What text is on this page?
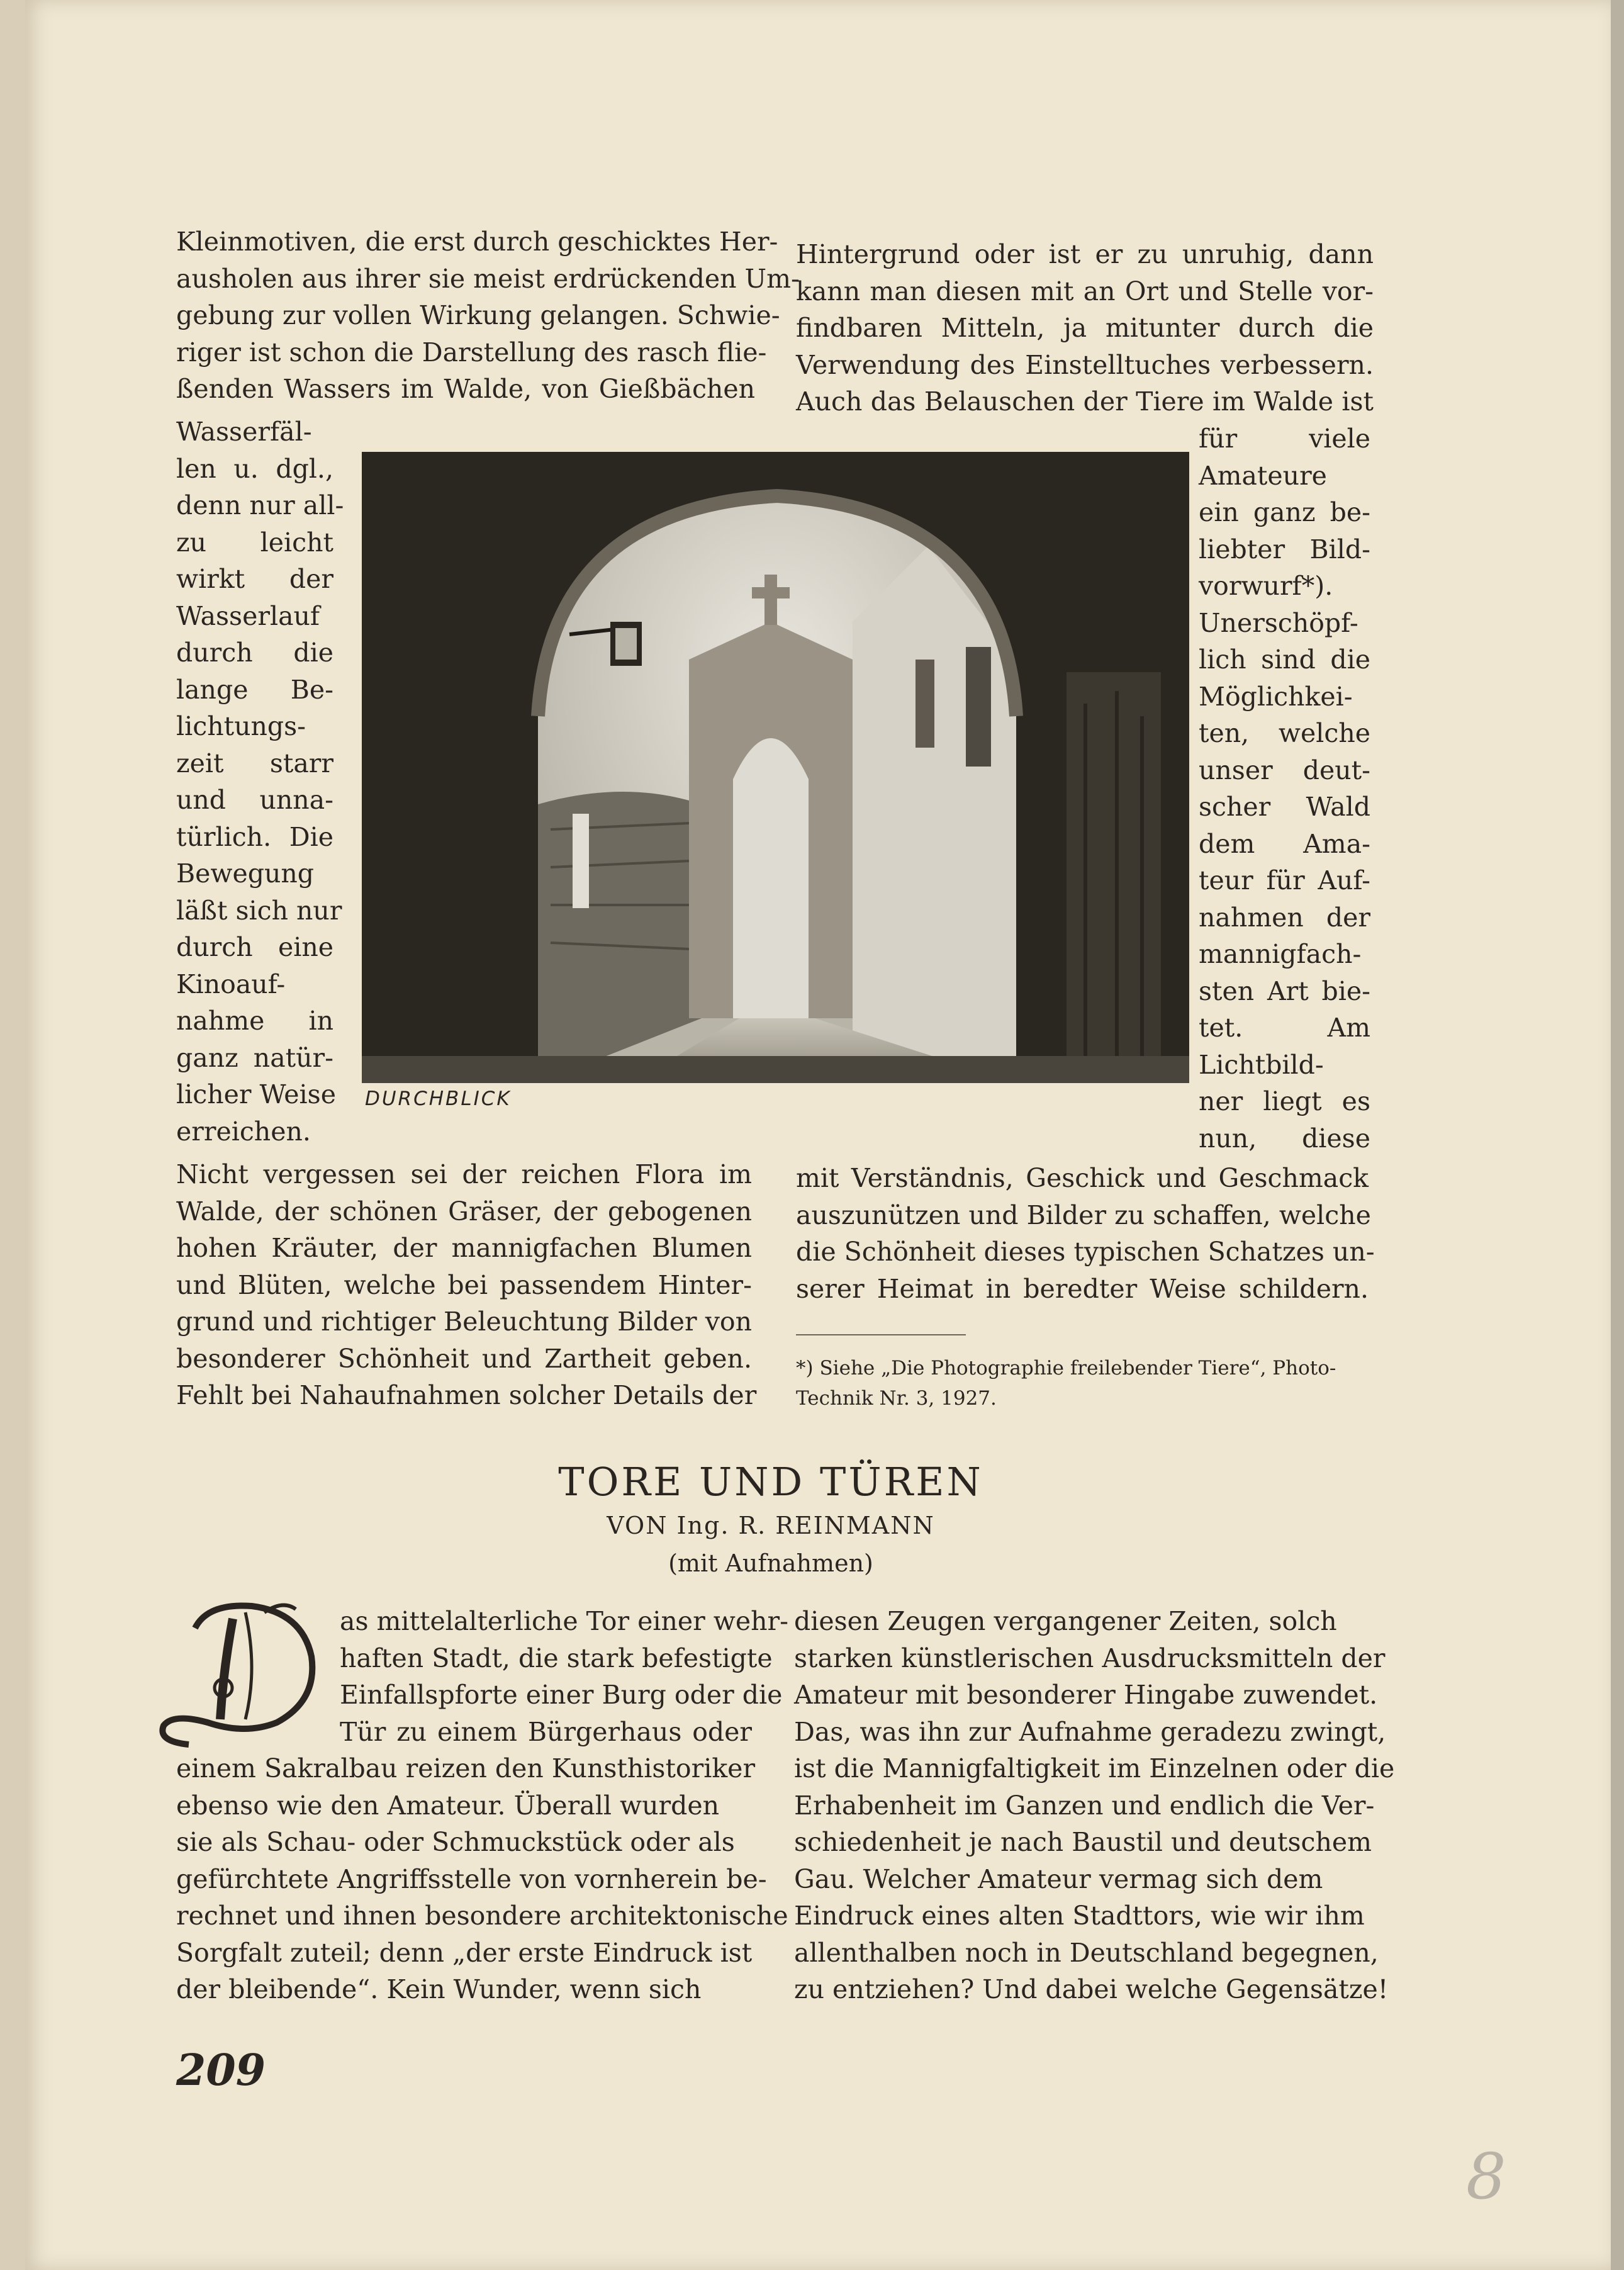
Kleinmotiven, die erst durch geschicktes Her-
ausholen aus ihrer sie meist erdrückenden Um-
gebung zur vollen Wirkung gelangen. Schwie-
riger ist schon die Darstellung des rasch flie-
ßenden Wassers im Walde, von Gießbächen
Wasserfäl-
len u. dgl.,
denn nur all-
zu leicht
wirkt der
Wasserlauf
durch die
lange Be-
lichtungs-
zeit starr
und unna-
türlich. Die
Bewegung
läßt sich nur
durch eine
Kinoauf-
nahme in
ganz natür-
licher Weise
erreichen.
Nicht vergessen sei der reichen Flora im
Walde, der schönen Gräser, der gebogenen
hohen Kräuter, der mannigfachen Blumen
und Blüten, welche bei passendem Hinter-
grund und richtiger Beleuchtung Bilder von
besonderer Schönheit und Zartheit geben.
Fehlt bei Nahaufnahmen solcher Details der
Hintergrund oder ist er zu unruhig, dann
kann man diesen mit an Ort und Stelle vor-
findbaren Mitteln, ja mitunter durch die
Verwendung des Einstelltuches verbessern.
Auch das Belauschen der Tiere im Walde ist
für viele
Amateure
ein ganz be-
liebter Bild-
vorwurf*).
Unerschöpf-
lich sind die
Möglichkei-
ten, welche
unser deut-
scher Wald
dem Ama-
teur für Auf-
nahmen der
mannigfach-
sten Art bie-
tet. Am
Lichtbild-
ner liegt es
nun, diese
mit Verständnis, Geschick und Geschmack
auszunützen und Bilder zu schaffen, welche
die Schönheit dieses typischen Schatzes un-
serer Heimat in beredter Weise schildern.
DURCHBLICK
*) Siehe „Die Photographie freilebender Tiere“, Photo-
Technik Nr. 3, 1927.
TORE UND TÜREN
VON Ing. R. REINMANN
(mit Aufnahmen)
D
as mittelalterliche Tor einer wehr-
haften Stadt, die stark befestigte
Einfallspforte einer Burg oder die
Tür zu einem Bürgerhaus oder
einem Sakralbau reizen den Kunsthistoriker
ebenso wie den Amateur. Überall wurden
sie als Schau- oder Schmuckstück oder als
gefürchtete Angriffsstelle von vornherein be-
rechnet und ihnen besondere architektonische
Sorgfalt zuteil; denn „der erste Eindruck ist
der bleibende“. Kein Wunder, wenn sich
diesen Zeugen vergangener Zeiten, solch
starken künstlerischen Ausdrucksmitteln der
Amateur mit besonderer Hingabe zuwendet.
Das, was ihn zur Aufnahme geradezu zwingt,
ist die Mannigfaltigkeit im Einzelnen oder die
Erhabenheit im Ganzen und endlich die Ver-
schiedenheit je nach Baustil und deutschem
Gau. Welcher Amateur vermag sich dem
Eindruck eines alten Stadttors, wie wir ihm
allenthalben noch in Deutschland begegnen,
zu entziehen? Und dabei welche Gegensätze!
209
8
